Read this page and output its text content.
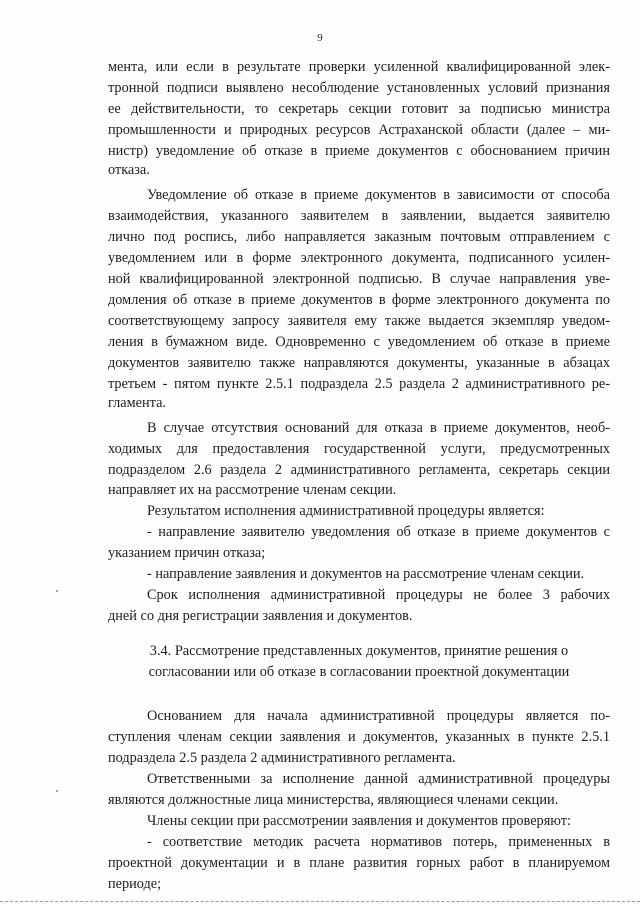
9
мента, или если в результате проверки усиленной квалифицированной элек-
тронной подписи выявлено несоблюдение установленных условий признания
ее действительности, то секретарь секции готовит за подписью министра
промышленности и природных ресурсов Астраханской области (далее – ми-
нистр) уведомление об отказе в приеме документов с обоснованием причин
отказа.
Уведомление об отказе в приеме документов в зависимости от способа
взаимодействия, указанного заявителем в заявлении, выдается заявителю
лично под роспись, либо направляется заказным почтовым отправлением с
уведомлением или в форме электронного документа, подписанного усилен-
ной квалифицированной электронной подписью. В случае направления уве-
домления об отказе в приеме документов в форме электронного документа по
соответствующему запросу заявителя ему также выдается экземпляр уведом-
ления в бумажном виде. Одновременно с уведомлением об отказе в приеме
документов заявителю также направляются документы, указанные в абзацах
третьем - пятом пункте 2.5.1 подраздела 2.5 раздела 2 административного ре-
гламента.
В случае отсутствия оснований для отказа в приеме документов, необ-
ходимых для предоставления государственной услуги, предусмотренных
подразделом 2.6 раздела 2 административного регламента, секретарь секции
направляет их на рассмотрение членам секции.
Результатом исполнения административной процедуры является:
- направление заявителю уведомления об отказе в приеме документов с
указанием причин отказа;
- направление заявления и документов на рассмотрение членам секции.
Срок исполнения административной процедуры не более 3 рабочих
дней со дня регистрации заявления и документов.
3.4. Рассмотрение представленных документов, принятие решения о
согласовании или об отказе в согласовании проектной документации
Основанием для начала административной процедуры является по-
ступления членам секции заявления и документов, указанных в пункте 2.5.1
подраздела 2.5 раздела 2 административного регламента.
Ответственными за исполнение данной административной процедуры
являются должностные лица министерства, являющиеся членами секции.
Члены секции при рассмотрении заявления и документов проверяют:
- соответствие методик расчета нормативов потерь, примененных в
проектной документации и в плане развития горных работ в планируемом
периоде;
